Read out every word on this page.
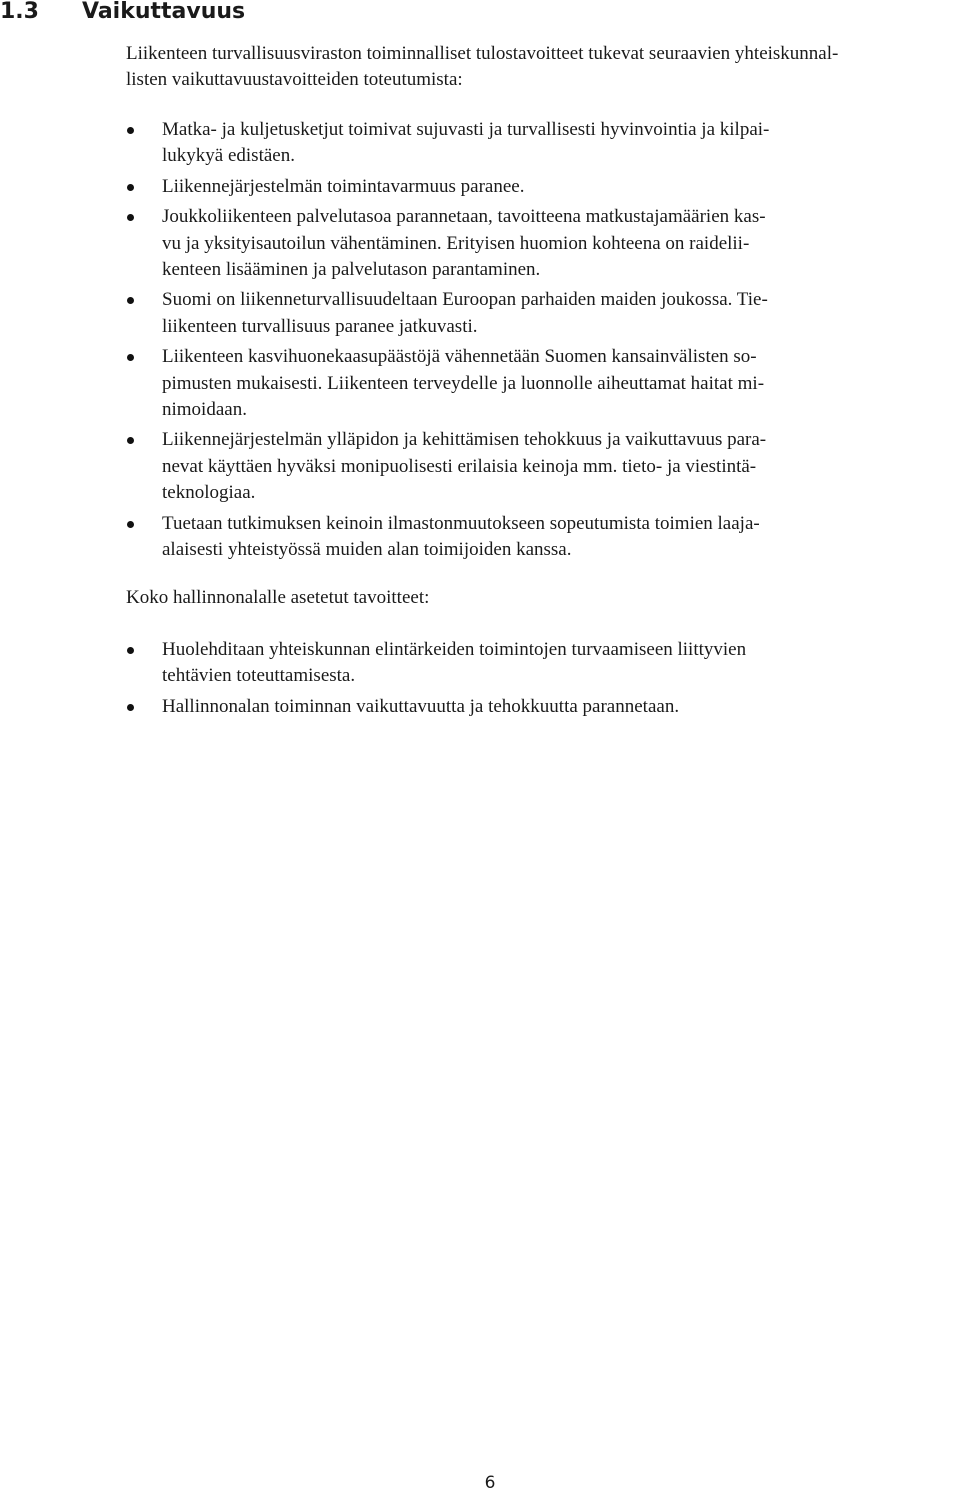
1.3 Vaikuttavuus

Liikenteen turvallisuusviraston toiminnalliset tulostavoitteet tukevat seuraavien yhteiskunnal-
listen vaikuttavuustavoitteiden toteutumista:

Matka- ja kuljetusketjut toimivat sujuvasti ja turvallisesti hyvinvointia ja kilpai-
lukykyä edistäen.
Liikennejärjestelmän toimintavarmuus paranee.
Joukkoliikenteen palvelutasoa parannetaan, tavoitteena matkustajamäärien kas-
vu ja yksityisautoilun vähentäminen. Erityisen huomion kohteena on raidelii-
kenteen lisääminen ja palvelutason parantaminen.
Suomi on liikenneturvallisuudeltaan Euroopan parhaiden maiden joukossa. Tie-
liikenteen turvallisuus paranee jatkuvasti.
Liikenteen kasvihuonekaasupäästöjä vähennetään Suomen kansainvälisten so-
pimusten mukaisesti. Liikenteen terveydelle ja luonnolle aiheuttamat haitat mi-
nimoidaan.
Liikennejärjestelmän ylläpidon ja kehittämisen tehokkuus ja vaikuttavuus para-
nevat käyttäen hyväksi monipuolisesti erilaisia keinoja mm. tieto- ja viestintä-
teknologiaa.
Tuetaan tutkimuksen keinoin ilmastonmuutokseen sopeutumista toimien laaja-
alaisesti yhteistyössä muiden alan toimijoiden kanssa.

Koko hallinnonalalle asetetut tavoitteet:

Huolehditaan yhteiskunnan elintärkeiden toimintojen turvaamiseen liittyvien
tehtävien toteuttamisesta.
Hallinnonalan toiminnan vaikuttavuutta ja tehokkuutta parannetaan.
6
